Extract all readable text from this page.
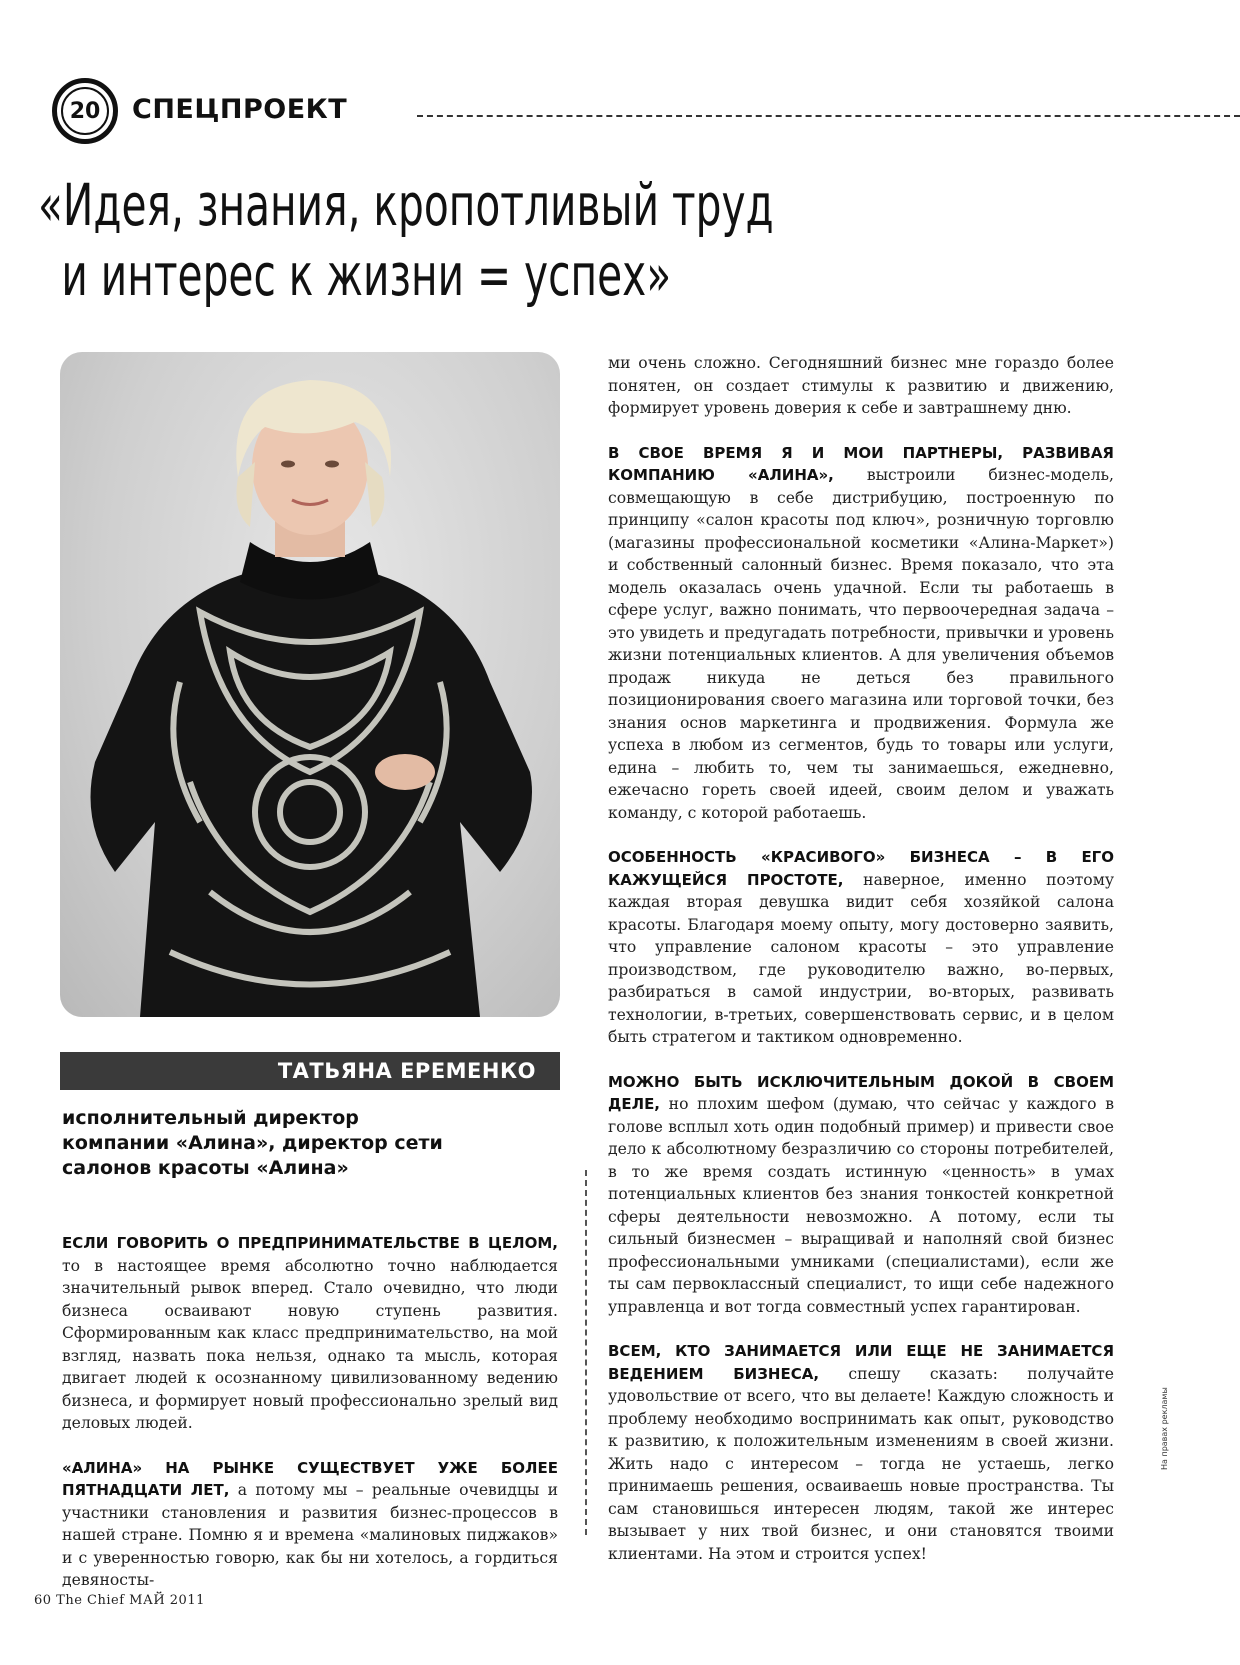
20	СПЕЦПРОЕКТ
«Идея, знания, кропотливый труд
и интерес к жизни = успех»
ТАТЬЯНА ЕРЕМЕНКО
исполнительный директор
компании «Алина», директор сети
салонов красоты «Алина»

ЕСЛИ ГОВОРИТЬ О ПРЕДПРИНИМАТЕЛЬСТВЕ В ЦЕЛОМ, то в настоящее время абсолютно точно наблюдается значительный рывок вперед. Стало очевидно, что люди бизнеса осваивают новую ступень развития. Сформированным как класс предпринимательство, на мой взгляд, назвать пока нельзя, однако та мысль, которая двигает людей к осознанному цивилизованному ведению бизнеса, и формирует новый профессионально зрелый вид деловых людей.

«АЛИНА» НА РЫНКЕ СУЩЕСТВУЕТ УЖЕ БОЛЕЕ ПЯТНАДЦАТИ ЛЕТ, а потому мы – реальные очевидцы и участники становления и развития бизнес-процессов в нашей стране. Помню я и времена «малиновых пиджаков» и с уверенностью говорю, как бы ни хотелось, а гордиться девяносты-

ми очень сложно. Сегодняшний бизнес мне гораздо более понятен, он создает стимулы к развитию и движению, формирует уровень доверия к себе и завтрашнему дню.

В СВОЕ ВРЕМЯ Я И МОИ ПАРТНЕРЫ, РАЗВИВАЯ КОМПАНИЮ «АЛИНА», выстроили бизнес-модель, совмещающую в себе дистрибуцию, построенную по принципу «салон красоты под ключ», розничную торговлю (магазины профессиональной косметики «Алина-Маркет») и собственный салонный бизнес. Время показало, что эта модель оказалась очень удачной. Если ты работаешь в сфере услуг, важно понимать, что первоочередная задача – это увидеть и предугадать потребности, привычки и уровень жизни потенциальных клиентов. А для увеличения объемов продаж никуда не деться без правильного позиционирования своего магазина или торговой точки, без знания основ маркетинга и продвижения. Формула же успеха в любом из сегментов, будь то товары или услуги, едина – любить то, чем ты занимаешься, ежедневно, ежечасно гореть своей идеей, своим делом и уважать команду, с которой работаешь.

ОСОБЕННОСТЬ «КРАСИВОГО» БИЗНЕСА – В ЕГО КАЖУЩЕЙСЯ ПРОСТОТЕ, наверное, именно поэтому каждая вторая девушка видит себя хозяйкой салона красоты. Благодаря моему опыту, могу достоверно заявить, что управление салоном красоты – это управление производством, где руководителю важно, во-первых, разбираться в самой индустрии, во-вторых, развивать технологии, в-третьих, совершенствовать сервис, и в целом быть стратегом и тактиком одновременно.

МОЖНО БЫТЬ ИСКЛЮЧИТЕЛЬНЫМ ДОКОЙ В СВОЕМ ДЕЛЕ, но плохим шефом (думаю, что сейчас у каждого в голове всплыл хоть один подобный пример) и привести свое дело к абсолютному безразличию со стороны потребителей, в то же время создать истинную «ценность» в умах потенциальных клиентов без знания тонкостей конкретной сферы деятельности невозможно. А потому, если ты сильный бизнесмен – выращивай и наполняй свой бизнес профессиональными умниками (специалистами), если же ты сам первоклассный специалист, то ищи себе надежного управленца и вот тогда совместный успех гарантирован.

ВСЕМ, КТО ЗАНИМАЕТСЯ ИЛИ ЕЩЕ НЕ ЗАНИМАЕТСЯ ВЕДЕНИЕМ БИЗНЕСА, спешу сказать: получайте удовольствие от всего, что вы делаете! Каждую сложность и проблему необходимо воспринимать как опыт, руководство к развитию, к положительным изменениям в своей жизни. Жить надо с интересом – тогда не устаешь, легко принимаешь решения, осваиваешь новые пространства. Ты сам становишься интересен людям, такой же интерес вызывает у них твой бизнес, и они становятся твоими клиентами. На этом и строится успех!

60 The Chief МАЙ 2011
На правах рекламы
